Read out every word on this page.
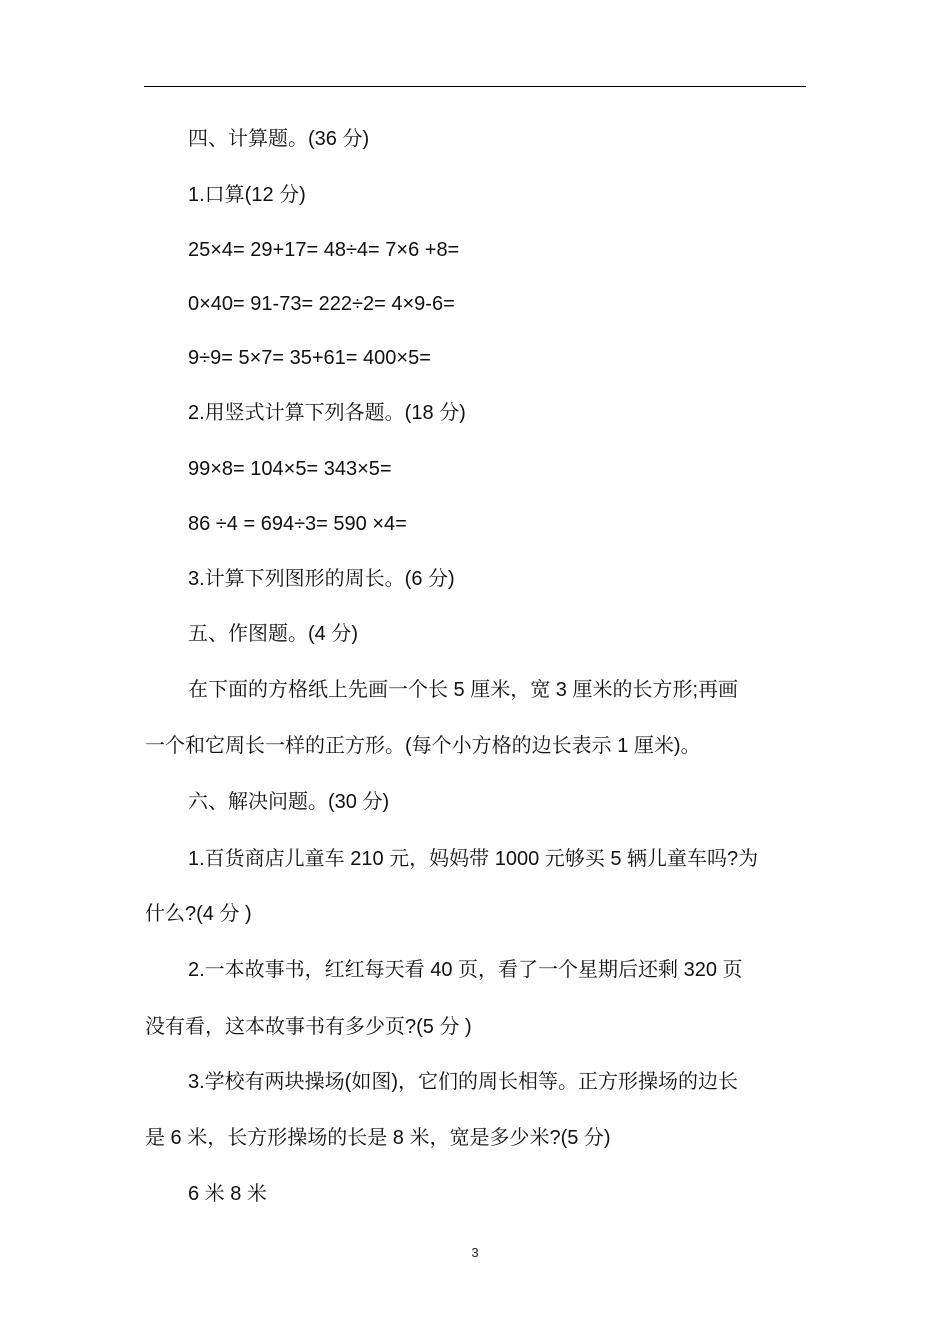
四、计算题。(36 分)
1.口算(12 分)
25×4= 29+17= 48÷4= 7×6 +8=
0×40= 91-73= 222÷2= 4×9-6=
9÷9= 5×7= 35+61= 400×5=
2.用竖式计算下列各题。(18 分)
99×8= 104×5= 343×5=
86 ÷4 = 694÷3= 590 ×4=
3.计算下列图形的周长。(6 分)
五、作图题。(4 分)
在下面的方格纸上先画一个长 5 厘米，宽 3 厘米的长方形;再画
一个和它周长一样的正方形。(每个小方格的边长表示 1 厘米)。
六、解决问题。(30 分)
1.百货商店儿童车 210 元，妈妈带 1000 元够买 5 辆儿童车吗?为
什么?(4 分 )
2.一本故事书，红红每天看 40 页，看了一个星期后还剩 320 页
没有看，这本故事书有多少页?(5 分 )
3.学校有两块操场(如图)，它们的周长相等。正方形操场的边长
是 6 米，长方形操场的长是 8 米，宽是多少米?(5 分)
6 米 8 米
3
